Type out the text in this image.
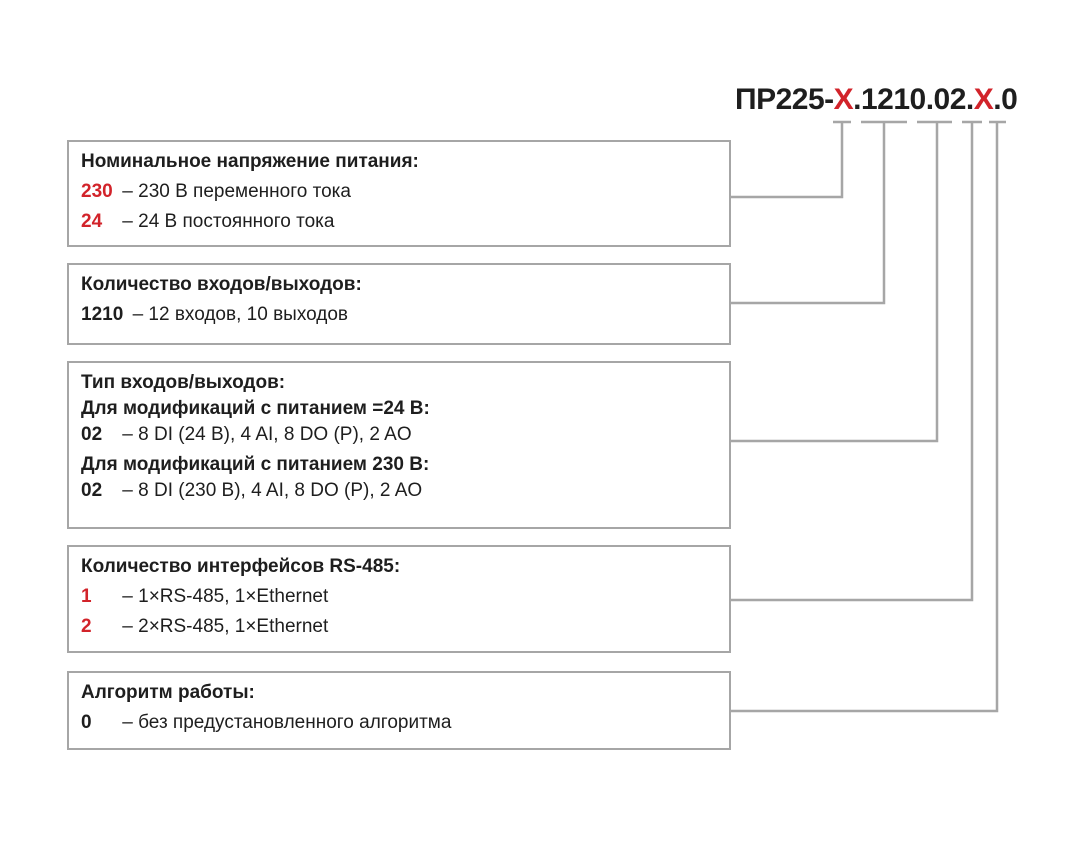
ПР225-Х.1210.02.Х.0
Номинальное напряжение питания:
230 – 230 В переменного тока
24 – 24 В постоянного тока
Количество входов/выходов:
1210 – 12 входов, 10 выходов
Тип входов/выходов:
Для модификаций с питанием =24 В:
02 – 8 DI (24 В), 4 AI, 8 DO (Р), 2 AO
Для модификаций с питанием 230 В:
02 – 8 DI (230 В), 4 AI, 8 DO (Р), 2 AO
Количество интерфейсов RS-485:
1 – 1×RS-485, 1×Ethernet
2 – 2×RS-485, 1×Ethernet
Алгоритм работы:
0 – без предустановленного алгоритма
